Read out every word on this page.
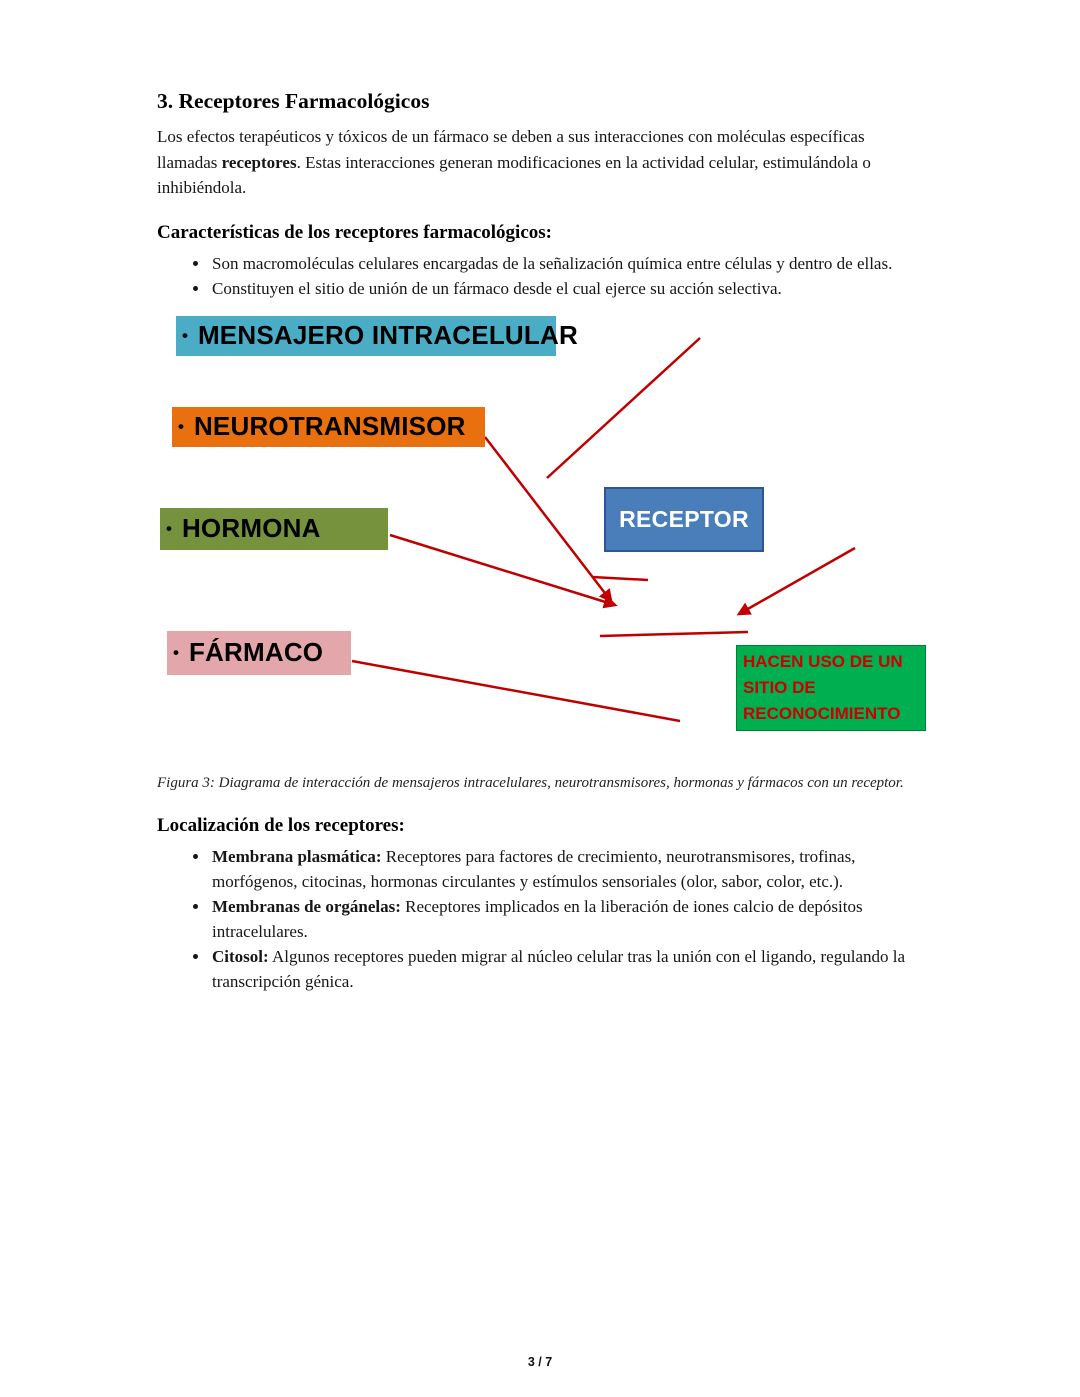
3. Receptores Farmacológicos

Los efectos terapéuticos y tóxicos de un fármaco se deben a sus interacciones con moléculas específicas llamadas receptores. Estas interacciones generan modificaciones en la actividad celular, estimulándola o inhibiéndola.

Características de los receptores farmacológicos:
• Son macromoléculas celulares encargadas de la señalización química entre células y dentro de ellas.
• Constituyen el sitio de unión de un fármaco desde el cual ejerce su acción selectiva.
• MENSAJERO INTRACELULAR
• NEUROTRANSMISOR
• HORMONA
• FÁRMACO
RECEPTOR
HACEN USO DE UN
SITIO DE
RECONOCIMIENTO

Figura 3: Diagrama de interacción de mensajeros intracelulares, neurotransmisores, hormonas y fármacos con un receptor.

Localización de los receptores:
• Membrana plasmática: Receptores para factores de crecimiento, neurotransmisores, trofinas, morfógenos, citocinas, hormonas circulantes y estímulos sensoriales (olor, sabor, color, etc.).
• Membranas de orgánelas: Receptores implicados en la liberación de iones calcio de depósitos intracelulares.
• Citosol: Algunos receptores pueden migrar al núcleo celular tras la unión con el ligando, regulando la transcripción génica.
3 / 7
